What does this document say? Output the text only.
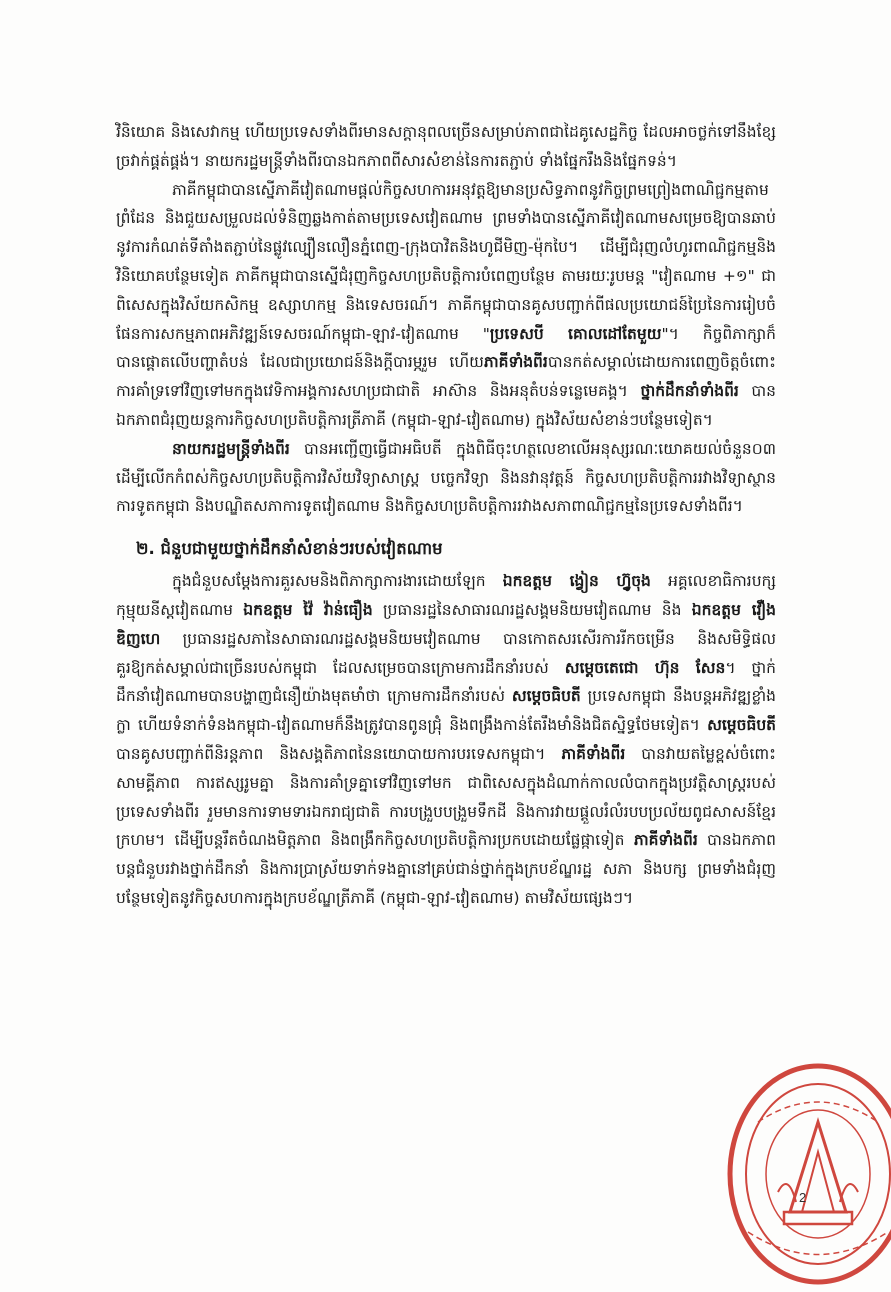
វិនិយោគ និងសេវាកម្ម ហើយប្រទេសទាំងពីរមានសក្តានុពលច្រើនសម្រាប់ភាពជាដៃគូសេដ្ឋកិច្ច ដែលអាចថ្លក់ទៅនឹងខ្សែច្រវាក់ផ្គត់ផ្គង់។ នាយករដ្ឋមន្ត្រីទាំងពីរបានឯកភាពពីសារសំខាន់នៃការតភ្ជាប់ ទាំងផ្នែករឹងនិងផ្នែកទន់។

ភាគីកម្ពុជាបានស្នើភាគីវៀតណាមផ្តល់កិច្ចសហការអនុវត្តឱ្យមានប្រសិទ្ធភាពនូវកិច្ចព្រមព្រៀងពាណិជ្ជកម្មតាមព្រំដែន និងជួយសម្រួលដល់ទំនិញឆ្លងកាត់តាមប្រទេសវៀតណាម ព្រមទាំងបានស្នើភាគីវៀតណាមសម្រេចឱ្យបានឆាប់នូវការកំណត់ទីតាំងតភ្ជាប់នៃផ្លូវល្បឿនលឿនភ្នំពេញ-ក្រុងបាវិតនិងហូជីមិញ-ម៉ុកបៃ។ ដើម្បីជំរុញលំហូរពាណិជ្ជកម្មនិងវិនិយោគបន្ថែមទៀត ភាគីកម្ពុជាបានស្នើជំរុញកិច្ចសហប្រតិបត្តិការបំពេញបន្ថែម តាមរយៈរូបមន្ត "វៀតណាម +១" ជាពិសេសក្នុងវិស័យកសិកម្ម ឧស្សាហកម្ម និងទេសចរណ៍។ ភាគីកម្ពុជាបានគូសបញ្ជាក់ពីផលប្រយោជន៍ប្រៃនៃការរៀបចំផែនការសកម្មភាពអភិវឌ្ឍន៍ទេសចរណ៍កម្ពុជា-ឡាវ-វៀតណាម "ប្រទេសបី គោលដៅតែមួយ"។ កិច្ចពិភាក្សាក៏បានផ្តោតលើបញ្ហាតំបន់ ដែលជាប្រយោជន៍និងក្តីបារម្ភរួម ហើយភាគីទាំងពីរបានកត់សម្គាល់ដោយការពេញចិត្តចំពោះការគាំទ្រទៅវិញទៅមកក្នុងវេទិកាអង្គការសហប្រជាជាតិ អាស៊ាន និងអនុតំបន់ទន្លេមេគង្គ។ ថ្នាក់ដឹកនាំទាំងពីរ បានឯកភាពជំរុញយន្តការកិច្ចសហប្រតិបត្តិការត្រីភាគី (កម្ពុជា-ឡាវ-វៀតណាម) ក្នុងវិស័យសំខាន់ៗបន្ថែមទៀត។

នាយករដ្ឋមន្ត្រីទាំងពីរ បានអញ្ជើញធ្វើជាអធិបតី ក្នុងពិធីចុះហត្ថលេខាលើអនុស្សរណៈយោគយល់ចំនួន០៣ ដើម្បីលើកកំពស់កិច្ចសហប្រតិបត្តិការវិស័យវិទ្យាសាស្ត្រ បច្ចេកវិទ្យា និងនវានុវត្តន៍ កិច្ចសហប្រតិបត្តិការរវាងវិទ្យាស្ថានការទូតកម្ពុជា និងបណ្ឌិតសភាការទូតវៀតណាម និងកិច្ចសហប្រតិបត្តិការរវាងសភាពាណិជ្ជកម្មនៃប្រទេសទាំងពីរ។

២. ជំនួបជាមួយថ្នាក់ដឹកនាំសំខាន់ៗរបស់វៀតណាម

ក្នុងជំនួបសម្តែងការគួរសមនិងពិភាក្សាការងារដោយឡែក ឯកឧត្តម ង្វៀន ហ្វ៊ូចុង អគ្គលេខាធិការបក្សកុម្មុយនីស្តវៀតណាម ឯកឧត្តម វ៉ៃ វ៉ាន់ធឿង ប្រធានរដ្ឋនៃសាធារណរដ្ឋសង្គមនិយមវៀតណាម និង ឯកឧត្តម វឿង ឌិញហេ ប្រធានរដ្ឋសភានៃសាធារណរដ្ឋសង្គមនិយមវៀតណាម បានកោតសរសើរការរីកចម្រើន និងសមិទ្ធិផលគួរឱ្យកត់សម្គាល់ជាច្រើនរបស់កម្ពុជា ដែលសម្រេចបានក្រោមការដឹកនាំរបស់ សម្តេចតេជោ ហ៊ុន សែន។ ថ្នាក់ដឹកនាំវៀតណាមបានបង្ហាញជំនឿយ៉ាងមុតមាំថា ក្រោមការដឹកនាំរបស់ សម្តេចធិបតី ប្រទេសកម្ពុជា នឹងបន្តអភិវឌ្ឍខ្លាំងក្លា ហើយទំនាក់ទំនងកម្ពុជា-វៀតណាមក៏នឹងត្រូវបានពូនជ្រុំ និងពង្រឹងកាន់តែរឹងមាំនិងជិតស្និទ្ធថែមទៀត។ សម្តេចធិបតី បានគូសបញ្ជាក់ពីនិរន្តភាព និងសង្គតិភាពនៃនយោបាយការបរទេសកម្ពុជា។ ភាគីទាំងពីរ បានវាយតម្លៃខ្ពស់ចំពោះសាមគ្គីភាព ការឥស្សរូមគ្នា និងការគាំទ្រគ្នាទៅវិញទៅមក ជាពិសេសក្នុងដំណាក់កាលលំបាកក្នុងប្រវត្តិសាស្ត្ររបស់ប្រទេសទាំងពីរ រួមមានការទាមទារឯករាជ្យជាតិ ការបង្រួបបង្រួមទឹកដី និងការវាយផ្តួលរំលំរបបប្រល័យពូជសាសន៍ខ្មែរក្រហម។ ដើម្បីបន្តរឹតចំណងមិត្តភាព និងពង្រឹកកិច្ចសហប្រតិបត្តិការប្រកបដោយផ្លែផ្កាទៀត ភាគីទាំងពីរ បានឯកភាពបន្តជំនួបរវាងថ្នាក់ដឹកនាំ និងការប្រាស្រ័យទាក់ទងគ្នានៅគ្រប់ជាន់ថ្នាក់ក្នុងក្របខ័ណ្ឌរដ្ឋ សភា និងបក្ស ព្រមទាំងជំរុញបន្ថែមទៀតនូវកិច្ចសហការក្នុងក្របខ័ណ្ឌត្រីភាគី (កម្ពុជា-ឡាវ-វៀតណាម) តាមវិស័យផ្សេងៗ។

2
